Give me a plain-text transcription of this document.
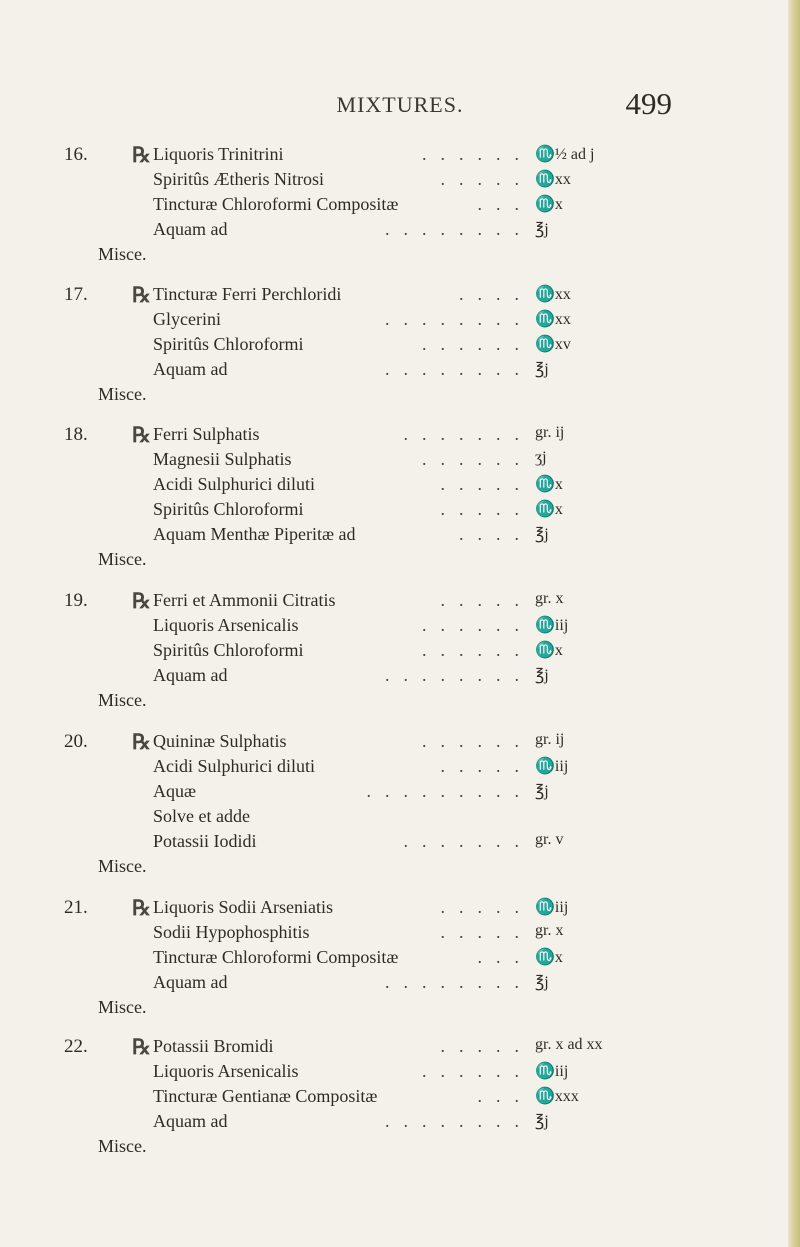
MIXTURES.	499
16. ℞	......
Liquoris Trinitrini	♏½ ad j
.....
Spiritûs Ætheris Nitrosi	♏xx
...
Tincturæ Chloroformi Compositæ	♏x
........
Aquam ad	℥j
Misce.
17. ℞	....
Tincturæ Ferri Perchloridi	♏xx
........
Glycerini	♏xx
......
Spiritûs Chloroformi	♏xv
........
Aquam ad	℥j
Misce.
18. ℞	.......
Ferri Sulphatis	gr. ij
......
Magnesii Sulphatis	ʒj
.....
Acidi Sulphurici diluti	♏x
.....
Spiritûs Chloroformi	♏x
....
Aquam Menthæ Piperitæ ad	℥j
Misce.
19. ℞	.....
Ferri et Ammonii Citratis	gr. x
......
Liquoris Arsenicalis	♏iij
......
Spiritûs Chloroformi	♏x
........
Aquam ad	℥j
Misce.
20. ℞	......
Quininæ Sulphatis	gr. ij
.....
Acidi Sulphurici diluti	♏iij
.........
Aquæ	℥j
Solve et adde
.......
Potassii Iodidi	gr. v
Misce.
21. ℞	.....
Liquoris Sodii Arseniatis	♏iij
.....
Sodii Hypophosphitis	gr. x
...
Tincturæ Chloroformi Compositæ	♏x
........
Aquam ad	℥j
Misce.
22. ℞	.....
Potassii Bromidi	gr. x ad xx
......
Liquoris Arsenicalis	♏iij
...
Tincturæ Gentianæ Compositæ	♏xxx
........
Aquam ad	℥j
Misce.
